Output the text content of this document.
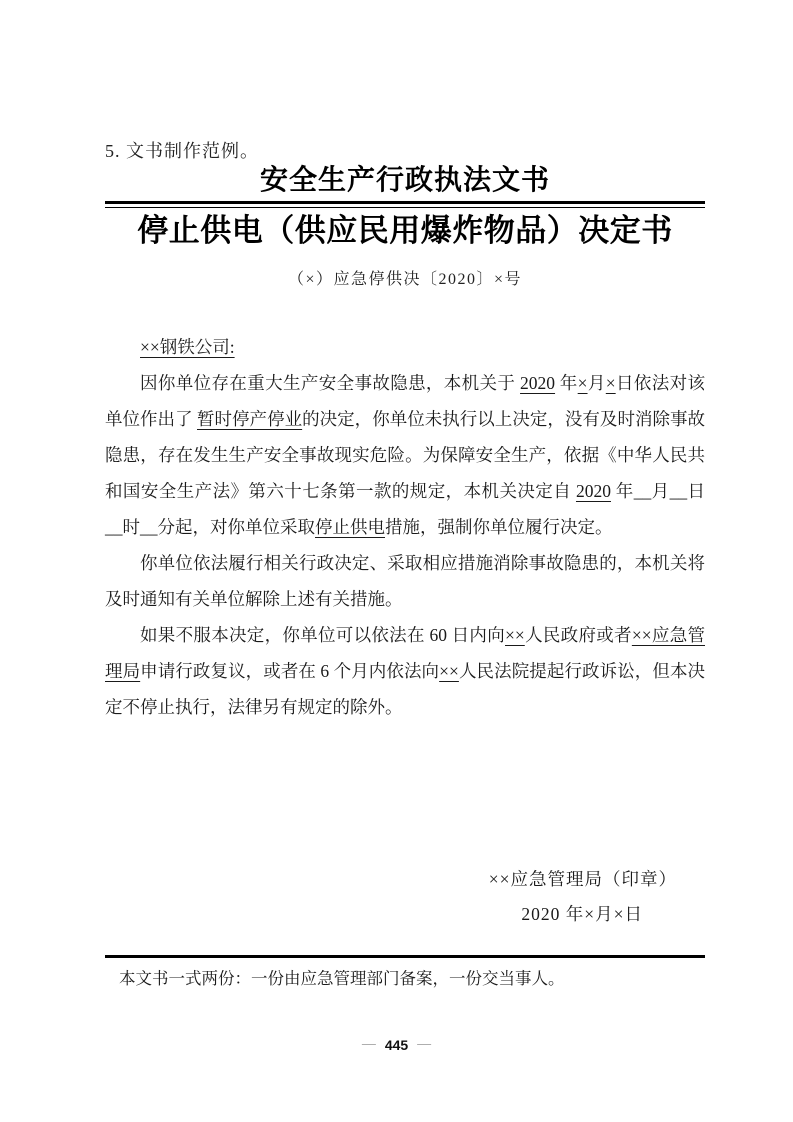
5. 文书制作范例。
安全生产行政执法文书
停止供电（供应民用爆炸物品）决定书
（×）应急停供决〔2020〕×号

××钢铁公司:

因你单位存在重大生产安全事故隐患，本机关于 2020 年×月×日依法对该单位作出了 暂时停产停业的决定，你单位未执行以上决定，没有及时消除事故隐患，存在发生生产安全事故现实危险。为保障安全生产，依据《中华人民共和国安全生产法》第六十七条第一款的规定，本机关决定自 2020 年__月__日__时__分起，对你单位采取停止供电措施，强制你单位履行决定。

你单位依法履行相关行政决定、采取相应措施消除事故隐患的，本机关将及时通知有关单位解除上述有关措施。

如果不服本决定，你单位可以依法在 60 日内向××人民政府或者××应急管理局申请行政复议，或者在 6 个月内依法向××人民法院提起行政诉讼，但本决定不停止执行，法律另有规定的除外。

××应急管理局（印章）
2020 年×月×日
本文书一式两份：一份由应急管理部门备案，一份交当事人。
— 445 —
